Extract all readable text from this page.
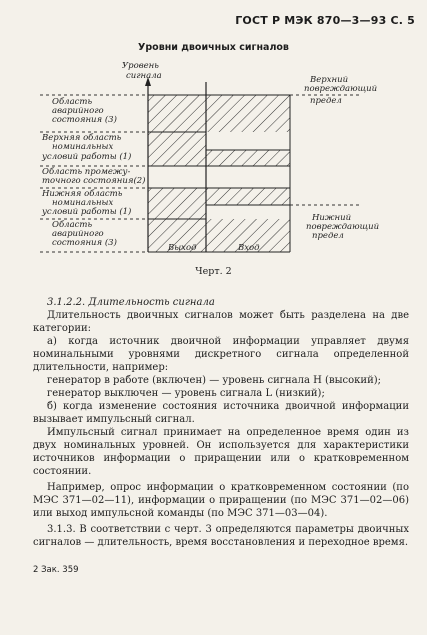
ГОСТ Р МЭК 870—3—93 С. 5
Уровни двоичных сигналов
Уровень
сигнала
Область
аварийного
состояния (3)
Верхняя область
номинальных
условий работы (1)
Область промежу-
точного состояния(2)
Нижняя область
номинальных
условий работы (1)
Область
аварийного
состояния (3)
Верхний
повреждающий
предел
Нижний
повреждающий
предел
Выход	Вход
Черт. 2

3.1.2.2. Длительность сигнала

Длительность двоичных сигналов может быть разделена на две категории:

а) когда источник двоичной информации управляет двумя номинальными уровнями дискретного сигнала определенной длительности, например:

генератор в работе (включен) — уровень сигнала H (высокий);

генератор выключен — уровень сигнала L (низкий);

б) когда изменение состояния источника двоичной информации вызывает импульсный сигнал.

Импульсный сигнал принимает на определенное время один из двух номинальных уровней. Он используется для характеристики источников информации о приращении или о кратковременном состоянии.

Например, опрос информации о кратковременном состоянии (по МЭС 371—02—11), информации о приращении (по МЭС 371—02—06) или выход импульсной команды (по МЭС 371—03—04).

3.1.3. В соответствии с черт. 3 определяются параметры двоичных сигналов — длительность, время восстановления и переходное время.

2 Зак. 359
